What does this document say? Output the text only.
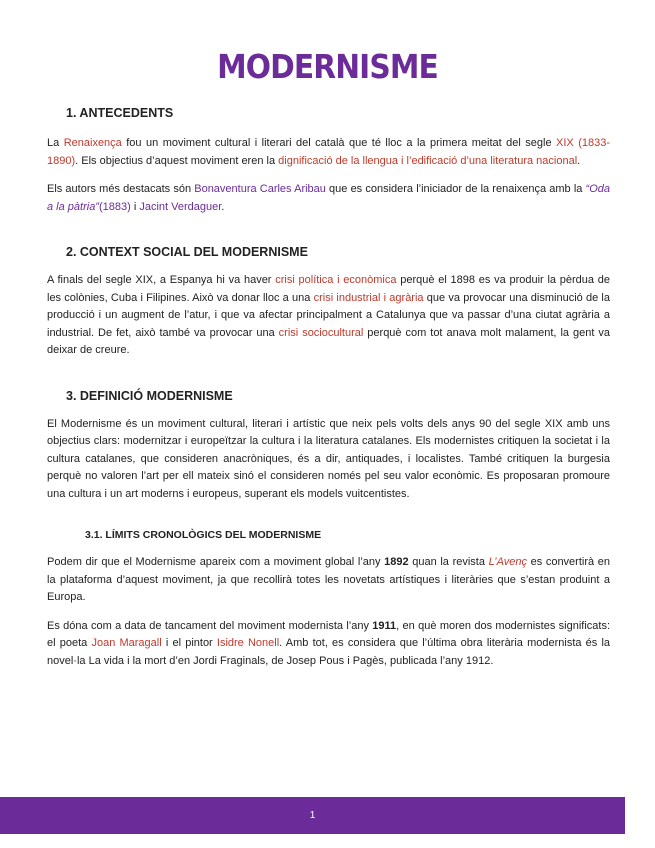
MODERNISME
1. ANTECEDENTS

La Renaixença fou un moviment cultural i literari del català que té lloc a la primera meitat del segle XIX (1833-1890). Els objectius d’aquest moviment eren la dignificació de la llengua i l’edificació d’una literatura nacional.

Els autors més destacats són Bonaventura Carles Aribau que es considera l’iniciador de la renaixença amb la “Oda a la pàtria”(1883) i Jacint Verdaguer.

2. CONTEXT SOCIAL DEL MODERNISME

A finals del segle XIX, a Espanya hi va haver crisi política i econòmica perquè el 1898 es va produir la pèrdua de les colònies, Cuba i Filipines. Això va donar lloc a una crisi industrial i agrària que va provocar una disminució de la producció i un augment de l’atur, i que va afectar principalment a Catalunya que va passar d’una ciutat agrària a industrial. De fet, això també va provocar una crisi sociocultural perquè com tot anava molt malament, la gent va deixar de creure.

3. DEFINICIÓ MODERNISME

El Modernisme és un moviment cultural, literari i artístic que neix pels volts dels anys 90 del segle XIX amb uns objectius clars: modernitzar i europeïtzar la cultura i la literatura catalanes. Els modernistes critiquen la societat i la cultura catalanes, que consideren anacròniques, és a dir, antiquades, i localistes. També critiquen la burgesia perquè no valoren l’art per ell mateix sinó el consideren només pel seu valor econòmic. Es proposaran promoure una cultura i un art moderns i europeus, superant els models vuitcentistes.

3.1. LÍMITS CRONOLÒGICS DEL MODERNISME

Podem dir que el Modernisme apareix com a moviment global l’any 1892 quan la revista L’Avenç es convertirà en la plataforma d’aquest moviment, ja que recollirà totes les novetats artístiques i literàries que s’estan produint a Europa.

Es dóna com a data de tancament del moviment modernista l’any 1911, en què moren dos modernistes significats: el poeta Joan Maragall i el pintor Isidre Nonell. Amb tot, es considera que l’última obra literària modernista és la novel·la La vida i la mort d’en Jordi Fraginals, de Josep Pous i Pagès, publicada l’any 1912.

1
